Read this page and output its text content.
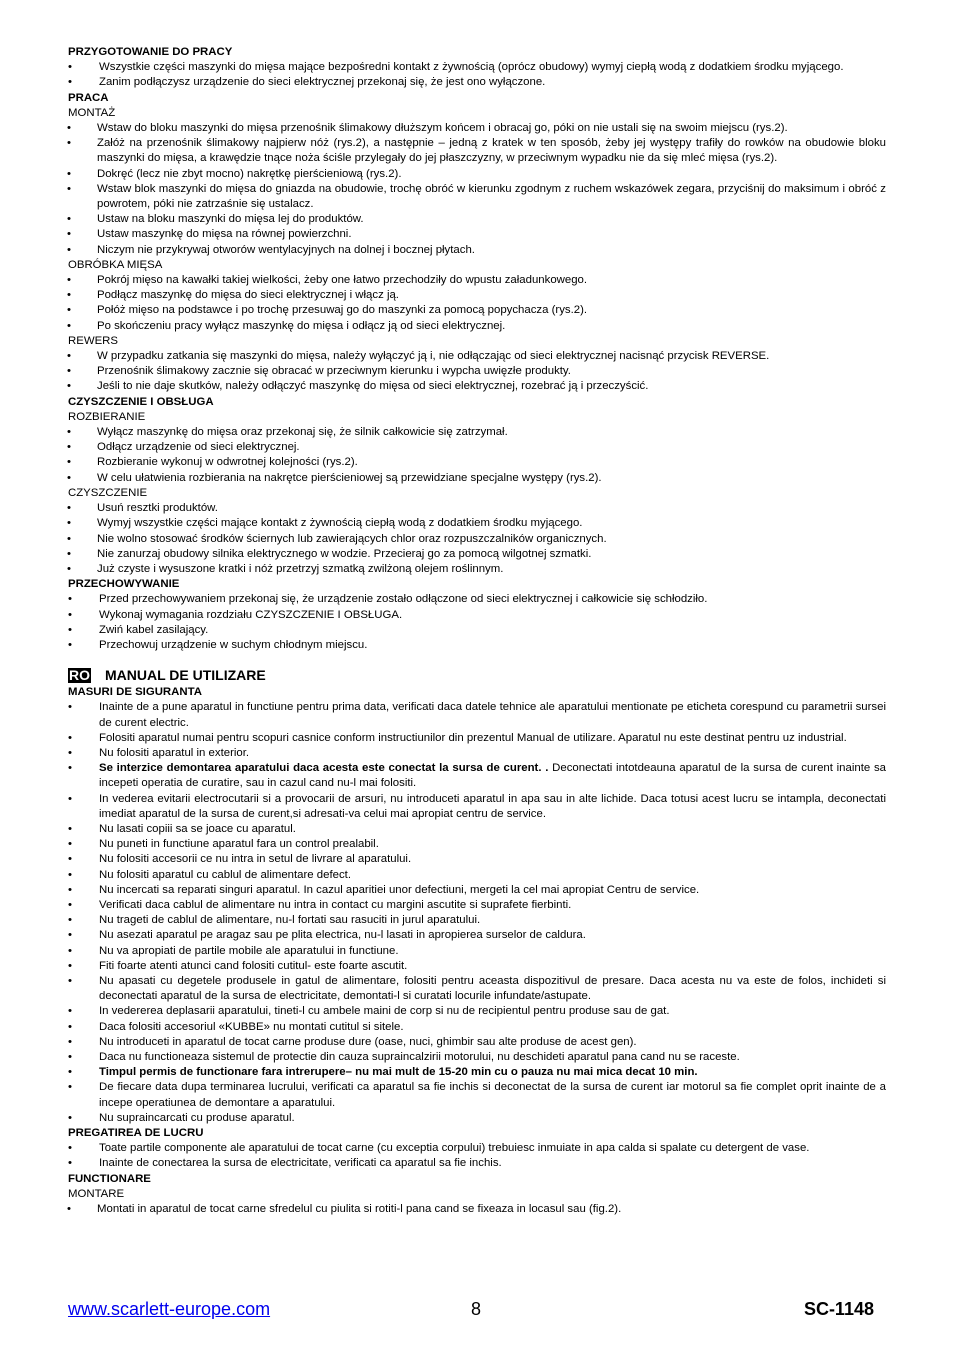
PRZYGOTOWANIE DO PRACY

• Wszystkie części maszynki do mięsa mające bezpośredni kontakt z żywnością (oprócz obudowy) wymyj ciepłą wodą z dodatkiem środku myjącego.
• Zanim podłączysz urządzenie do sieci elektrycznej przekonaj się, że jest ono wyłączone.

PRACA

MONTAŻ

• Wstaw do bloku maszynki do mięsa przenośnik ślimakowy dłuższym końcem i obracaj go, póki on nie ustali się na swoim miejscu (rys.2).
• Załóż na przenośnik ślimakowy najpierw nóż (rys.2), a następnie – jedną z kratek w ten sposób, żeby jej występy trafiły do rowków na obudowie bloku maszynki do mięsa, a krawędzie tnące noża ściśle przylegały do jej płaszczyzny, w przeciwnym wypadku nie da się mleć mięsa (rys.2).
• Dokręć (lecz nie zbyt mocno) nakrętkę pierścieniową (rys.2).
• Wstaw blok maszynki do mięsa do gniazda na obudowie, trochę obróć w kierunku zgodnym z ruchem wskazówek zegara, przyciśnij do maksimum i obróć z powrotem, póki nie zatrzaśnie się ustalacz.
• Ustaw na bloku maszynki do mięsa lej do produktów.
• Ustaw maszynkę do mięsa na równej powierzchni.
• Niczym nie przykrywaj otworów wentylacyjnych na dolnej i bocznej płytach.

OBRÓBKA MIĘSA

• Pokrój mięso na kawałki takiej wielkości, żeby one łatwo przechodziły do wpustu załadunkowego.
• Podłącz maszynkę do mięsa do sieci elektrycznej i włącz ją.
• Połóż mięso na podstawce i po trochę przesuwaj go do maszynki za pomocą popychacza (rys.2).
• Po skończeniu pracy wyłącz maszynkę do mięsa i odłącz ją od sieci elektrycznej.

REWERS

• W przypadku zatkania się maszynki do mięsa, należy wyłączyć ją i, nie odłączając od sieci elektrycznej nacisnąć przycisk REVERSE.
• Przenośnik ślimakowy zacznie się obracać w przeciwnym kierunku i wypcha uwięzłe produkty.
• Jeśli to nie daje skutków, należy odłączyć maszynkę do mięsa od sieci elektrycznej, rozebrać ją i przeczyścić.

CZYSZCZENIE I OBSŁUGA

ROZBIERANIE

• Wyłącz maszynkę do mięsa oraz przekonaj się, że silnik całkowicie się zatrzymał.
• Odłącz urządzenie od sieci elektrycznej.
• Rozbieranie wykonuj w odwrotnej kolejności (rys.2).
• W celu ułatwienia rozbierania na nakrętce pierścieniowej są przewidziane specjalne występy (rys.2).

CZYSZCZENIE

• Usuń resztki produktów.
• Wymyj wszystkie części mające kontakt z żywnością ciepłą wodą z dodatkiem środku myjącego.
• Nie wolno stosować środków ściernych lub zawierających chlor oraz rozpuszczalników organicznych.
• Nie zanurzaj obudowy silnika elektrycznego w wodzie. Przecieraj go za pomocą wilgotnej szmatki.
• Już czyste i wysuszone kratki i nóż przetrzyj szmatką zwilżoną olejem roślinnym.

PRZECHOWYWANIE

• Przed przechowywaniem przekonaj się, że urządzenie zostało odłączone od sieci elektrycznej i całkowicie się schłodziło.
• Wykonaj wymagania rozdziału CZYSZCZENIE I OBSŁUGA.
• Zwiń kabel zasilający.
• Przechowuj urządzenie w suchym chłodnym miejscu.
RO MANUAL DE UTILIZARE

MASURI DE SIGURANTA

• Inainte de a pune aparatul in functiune pentru prima data, verificati daca datele tehnice ale aparatului mentionate pe eticheta corespund cu parametrii sursei de curent electric.
• Folositi aparatul numai pentru scopuri casnice conform instructiunilor din prezentul Manual de utilizare. Aparatul nu este destinat pentru uz industrial.
• Nu folositi aparatul in exterior.
• Se interzice demontarea aparatului daca acesta este conectat la sursa de curent. . Deconectati intotdeauna aparatul de la sursa de curent inainte sa incepeti operatia de curatire, sau in cazul cand nu-l mai folositi.
• In vederea evitarii electrocutarii si a provocarii de arsuri, nu introduceti aparatul in apa sau in alte lichide. Daca totusi acest lucru se intampla, deconectati imediat aparatul de la sursa de curent,si adresati-va celui mai apropiat centru de service.
• Nu lasati copiii sa se joace cu aparatul.
• Nu puneti in functiune aparatul fara un control prealabil.
• Nu folositi accesorii ce nu intra in setul de livrare al aparatului.
• Nu folositi aparatul cu cablul de alimentare defect.
• Nu incercati sa reparati singuri aparatul. In cazul aparitiei unor defectiuni, mergeti la cel mai apropiat Centru de service.
• Verificati daca cablul de alimentare nu intra in contact cu margini ascutite si suprafete fierbinti.
• Nu trageti de cablul de alimentare, nu-l fortati sau rasuciti in jurul aparatului.
• Nu asezati aparatul pe aragaz sau pe plita electrica, nu-l lasati in apropierea surselor de caldura.
• Nu va apropiati de partile mobile ale aparatului in functiune.
• Fiti foarte atenti atunci cand folositi cutitul- este foarte ascutit.
• Nu apasati cu degetele produsele in gatul de alimentare, folositi pentru aceasta dispozitivul de presare. Daca acesta nu va este de folos, inchideti si deconectati aparatul de la sursa de electricitate, demontati-l si curatati locurile infundate/astupate.
• In vedererea deplasarii aparatului, tineti-l cu ambele maini de corp si nu de recipientul pentru produse sau de gat.
• Daca folositi accesoriul «KUBBE» nu montati cutitul si sitele.
• Nu introduceti in aparatul de tocat carne produse dure (oase, nuci, ghimbir sau alte produse de acest gen).
• Daca nu functioneaza sistemul de protectie din cauza supraincalzirii motorului, nu deschideti aparatul pana cand nu se raceste.
• Timpul permis de functionare fara intrerupere– nu mai mult de 15-20 min cu o pauza nu mai mica decat 10 min.
• De fiecare data dupa terminarea lucrului, verificati ca aparatul sa fie inchis si deconectat de la sursa de curent iar motorul sa fie complet oprit inainte de a incepe operatiunea de demontare a aparatului.
• Nu supraincarcati cu produse aparatul.

PREGATIREA DE LUCRU

• Toate partile componente ale aparatului de tocat carne (cu exceptia corpului) trebuiesc inmuiate in apa calda si spalate cu detergent de vase.
• Inainte de conectarea la sursa de electricitate, verificati ca aparatul sa fie inchis.

FUNCTIONARE

MONTARE

• Montati in aparatul de tocat carne sfredelul cu piulita si rotiti-l pana cand se fixeaza in locasul sau (fig.2).
www.scarlett-europe.com	8	SC-1148
